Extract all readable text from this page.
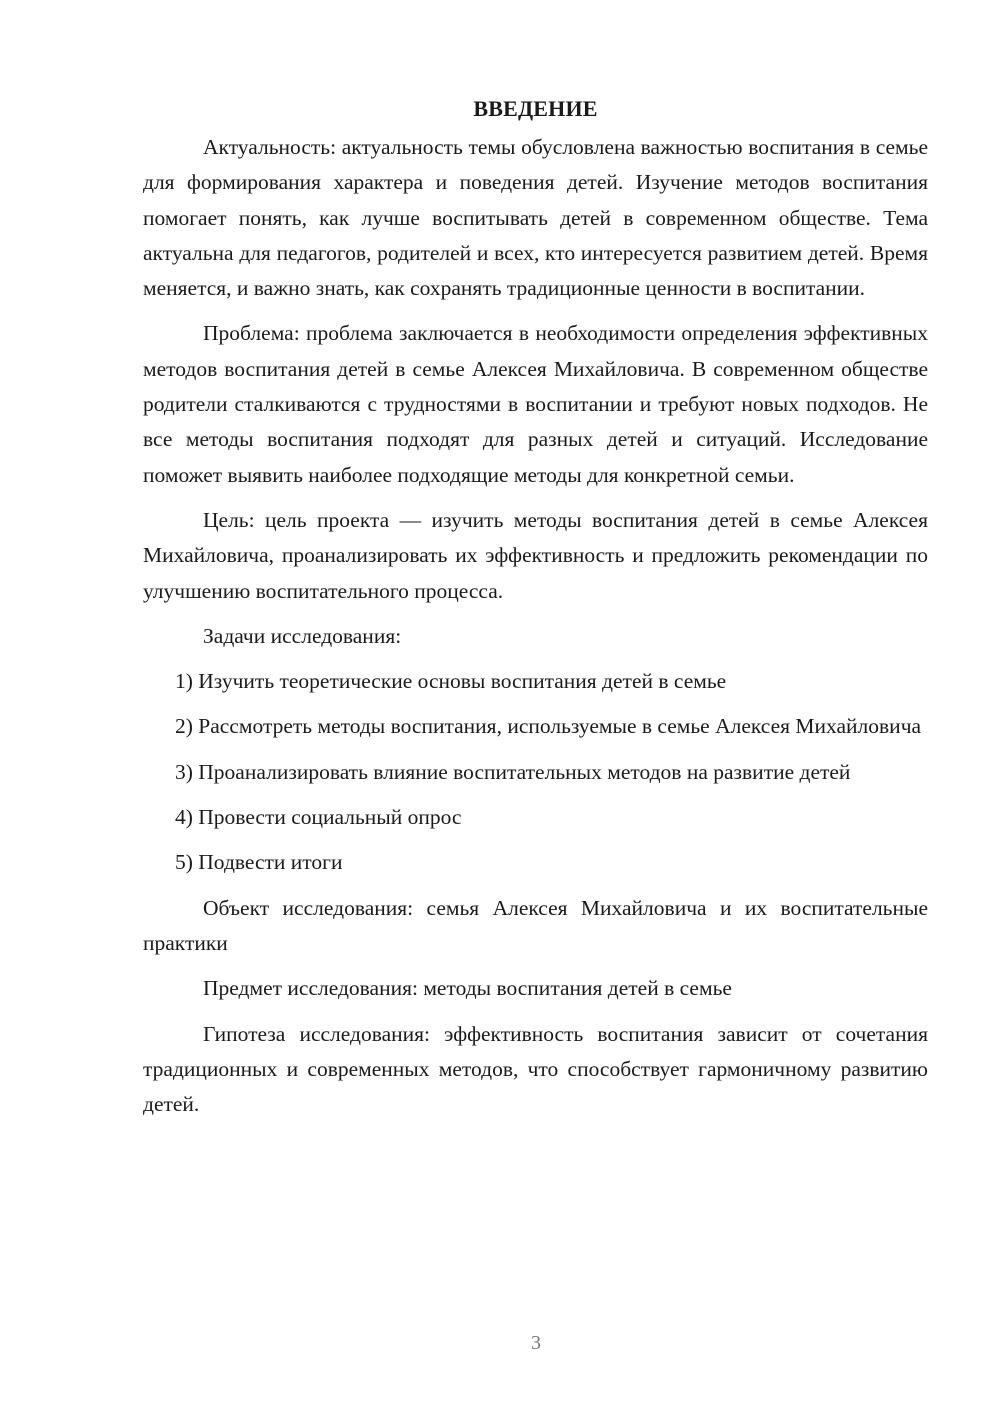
ВВЕДЕНИЕ

Актуальность: актуальность темы обусловлена важностью воспитания в семье для формирования характера и поведения детей. Изучение методов воспитания помогает понять, как лучше воспитывать детей в современном обществе. Тема актуальна для педагогов, родителей и всех, кто интересуется развитием детей. Время меняется, и важно знать, как сохранять традиционные ценности в воспитании.

Проблема: проблема заключается в необходимости определения эффективных методов воспитания детей в семье Алексея Михайловича. В современном обществе родители сталкиваются с трудностями в воспитании и требуют новых подходов. Не все методы воспитания подходят для разных детей и ситуаций. Исследование поможет выявить наиболее подходящие методы для конкретной семьи.

Цель: цель проекта — изучить методы воспитания детей в семье Алексея Михайловича, проанализировать их эффективность и предложить рекомендации по улучшению воспитательного процесса.

Задачи исследования:

1) Изучить теоретические основы воспитания детей в семье

2) Рассмотреть методы воспитания, используемые в семье Алексея Михайловича

3) Проанализировать влияние воспитательных методов на развитие детей

4) Провести социальный опрос

5) Подвести итоги

Объект исследования: семья Алексея Михайловича и их воспитательные практики

Предмет исследования: методы воспитания детей в семье

Гипотеза исследования: эффективность воспитания зависит от сочетания традиционных и современных методов, что способствует гармоничному развитию детей.

3
